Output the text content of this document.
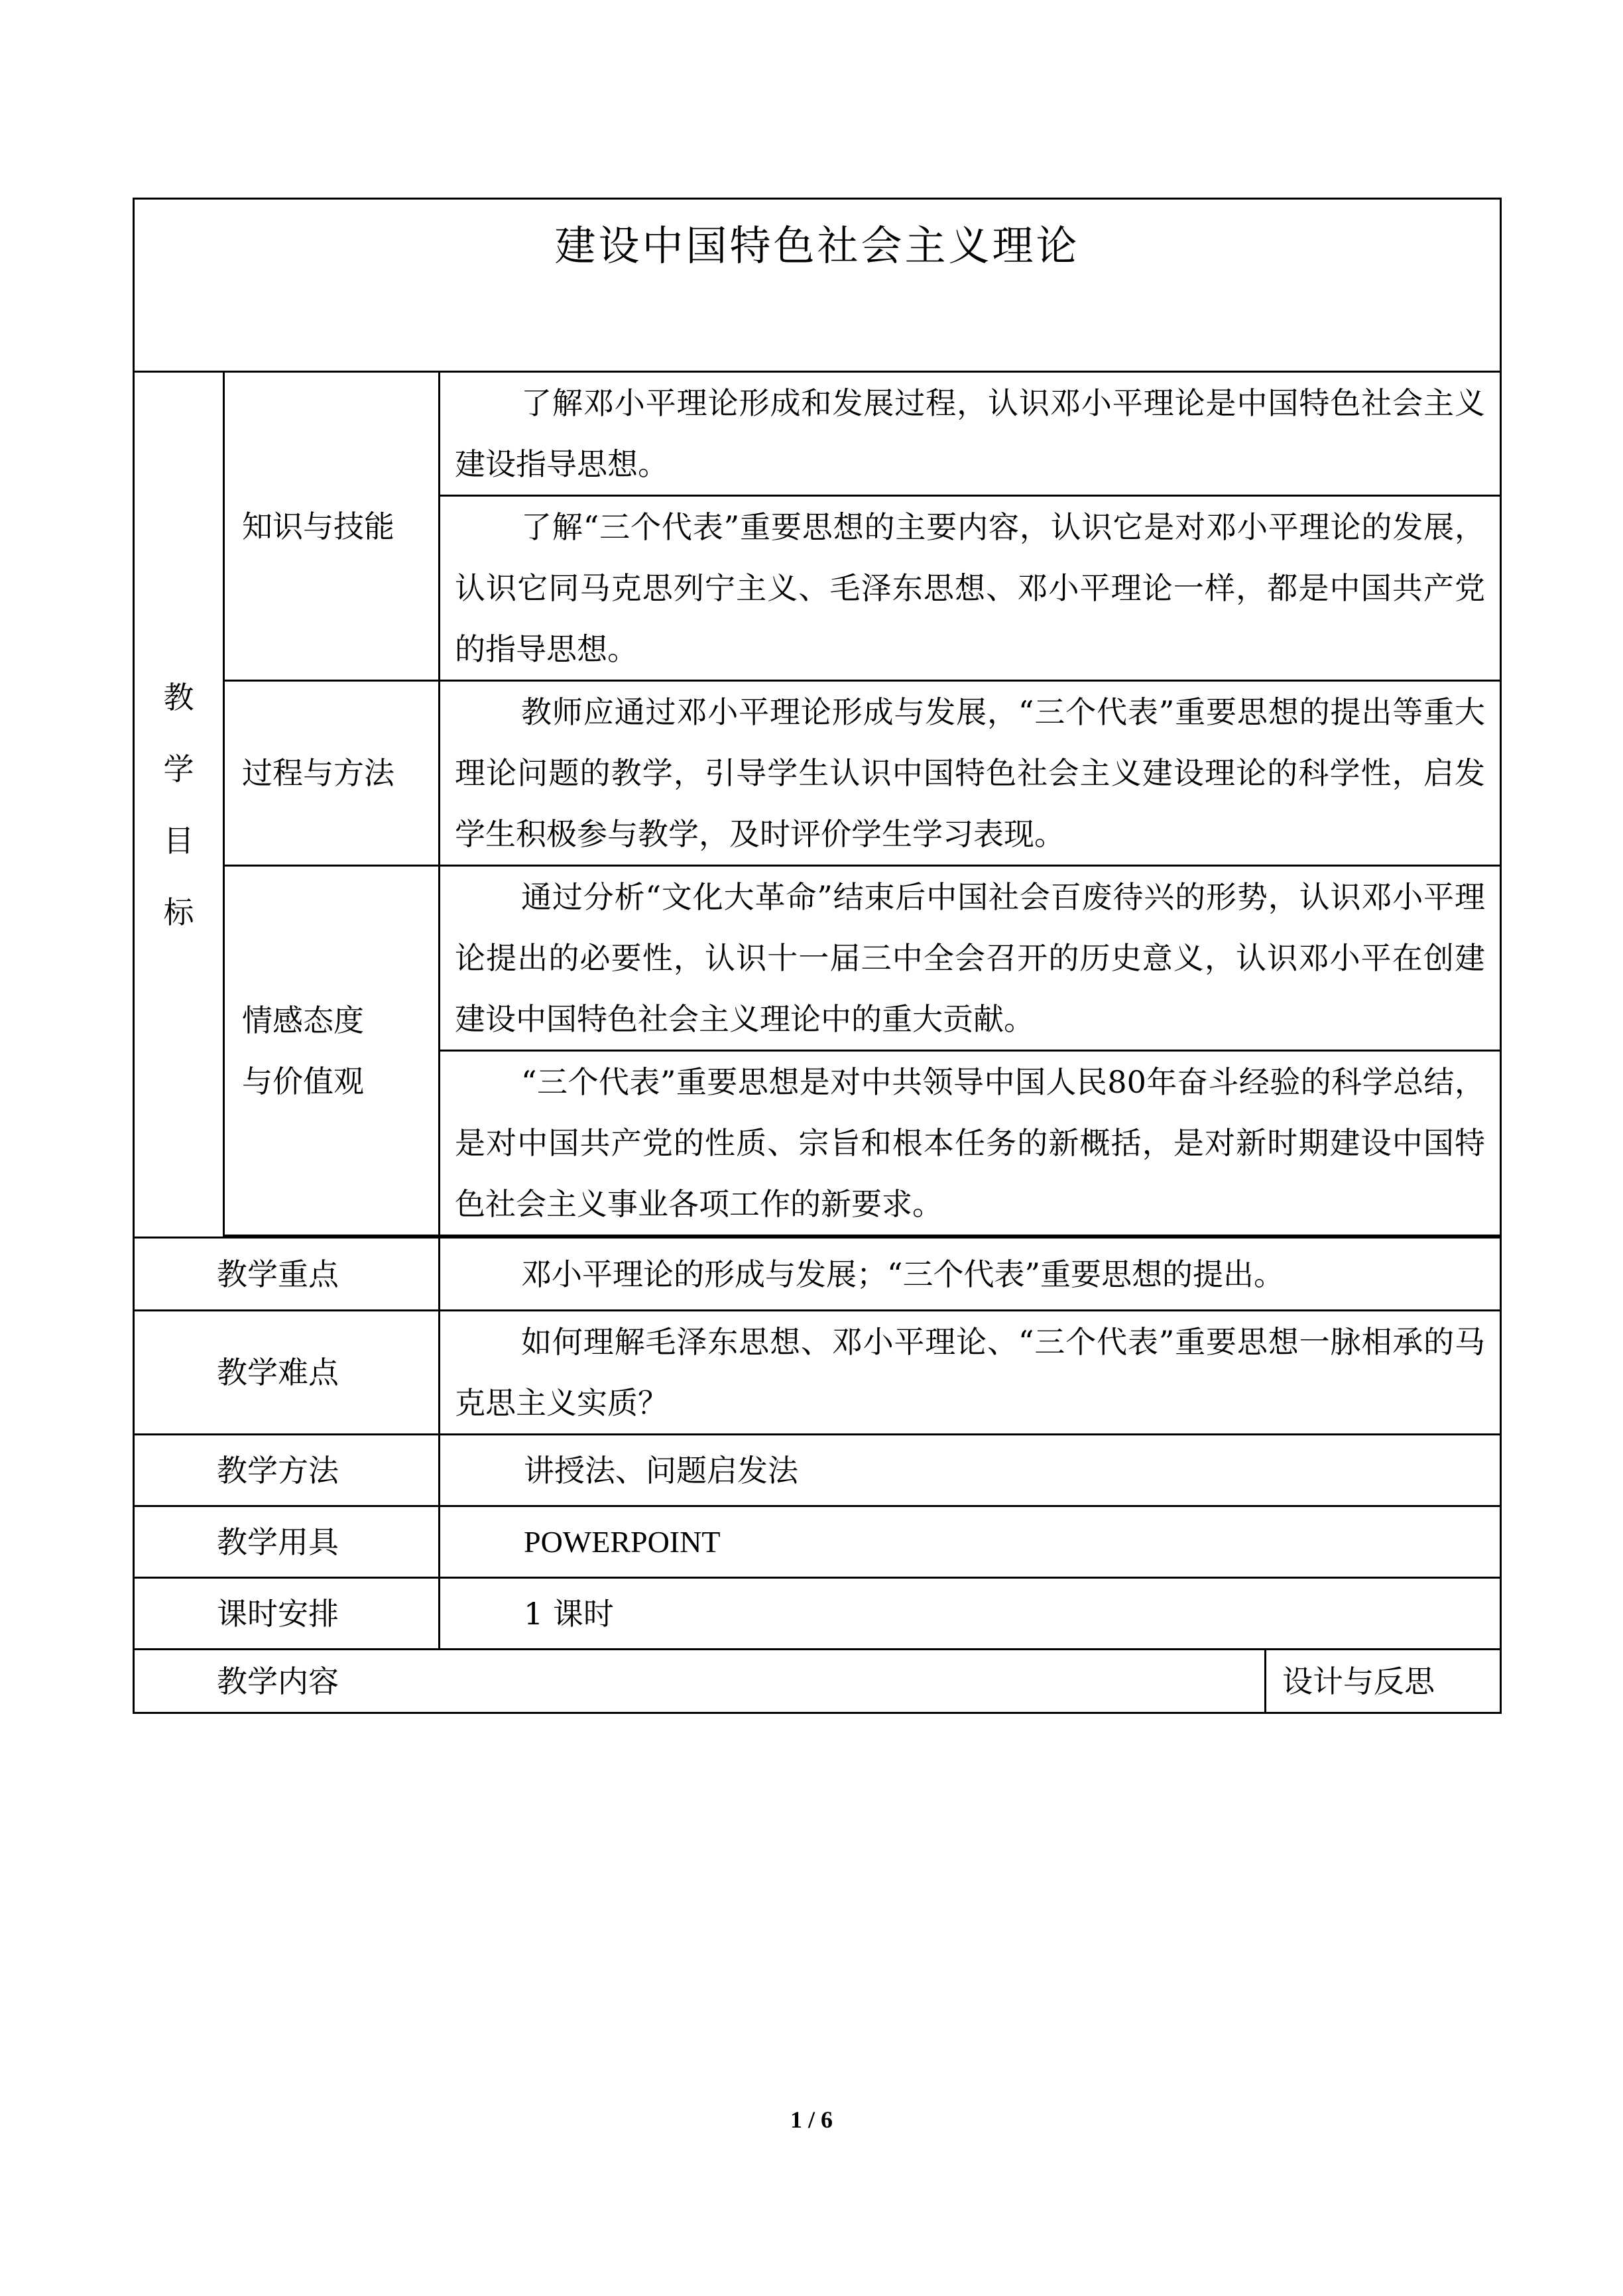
建设中国特色社会主义理论			

教
学
目
标	知识与技能	了解邓小平理论形成和发展过程，认识邓小平理论是中国特色社会主义建设指导思想。	

		了解“三个代表”重要思想的主要内容，认识它是对邓小平理论的发展，认识它同马克思列宁主义、毛泽东思想、邓小平理论一样，都是中国共产党的指导思想。	

	过程与方法	教师应通过邓小平理论形成与发展，“三个代表”重要思想的提出等重大理论问题的教学，引导学生认识中国特色社会主义建设理论的科学性，启发学生积极参与教学，及时评价学生学习表现。	

	情感态度
与价值观	通过分析“文化大革命”结束后中国社会百废待兴的形势，认识邓小平理论提出的必要性，认识十一届三中全会召开的历史意义，认识邓小平在创建建设中国特色社会主义理论中的重大贡献。	

		“三个代表”重要思想是对中共领导中国人民80年奋斗经验的科学总结，是对中国共产党的性质、宗旨和根本任务的新概括，是对新时期建设中国特色社会主义事业各项工作的新要求。	

教学重点		邓小平理论的形成与发展；“三个代表”重要思想的提出。	

教学难点		如何理解毛泽东思想、邓小平理论、“三个代表”重要思想一脉相承的马克思主义实质？	

教学方法		讲授法、问题启发法	
教学用具		POWERPOINT	
课时安排		1 课时	
教学内容			设计与反思
1 / 6
